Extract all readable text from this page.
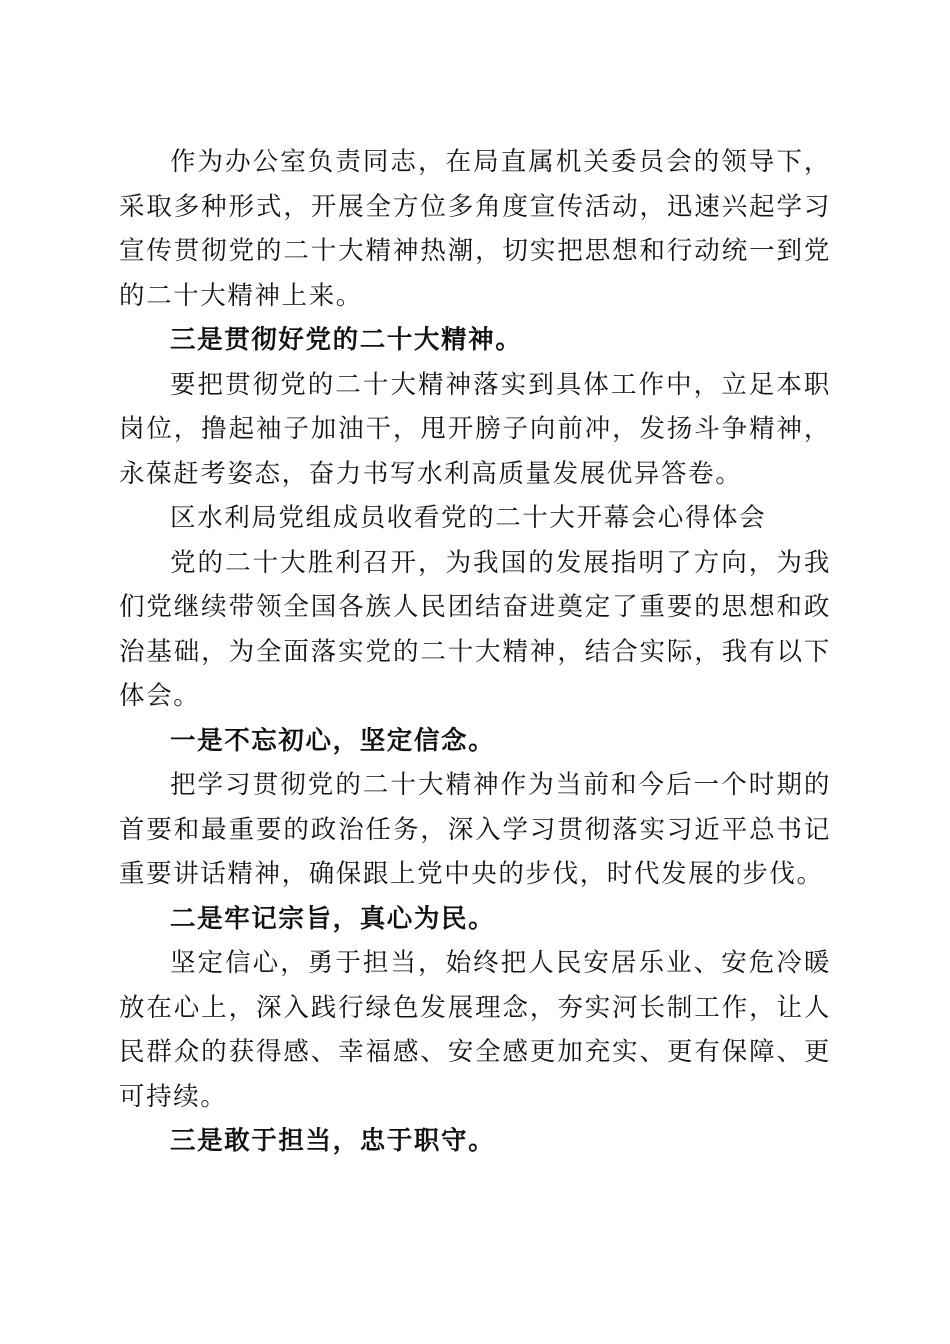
作为办公室负责同志，在局直属机关委员会的领导下，采取多种形式，开展全方位多角度宣传活动，迅速兴起学习宣传贯彻党的二十大精神热潮，切实把思想和行动统一到党的二十大精神上来。

三是贯彻好党的二十大精神。

要把贯彻党的二十大精神落实到具体工作中，立足本职岗位，撸起袖子加油干，甩开膀子向前冲，发扬斗争精神，永葆赶考姿态，奋力书写水利高质量发展优异答卷。

区水利局党组成员收看党的二十大开幕会心得体会

党的二十大胜利召开，为我国的发展指明了方向，为我们党继续带领全国各族人民团结奋进奠定了重要的思想和政治基础，为全面落实党的二十大精神，结合实际，我有以下体会。

一是不忘初心，坚定信念。

把学习贯彻党的二十大精神作为当前和今后一个时期的首要和最重要的政治任务，深入学习贯彻落实习近平总书记重要讲话精神，确保跟上党中央的步伐，时代发展的步伐。

二是牢记宗旨，真心为民。

坚定信心，勇于担当，始终把人民安居乐业、安危冷暖放在心上，深入践行绿色发展理念，夯实河长制工作，让人民群众的获得感、幸福感、安全感更加充实、更有保障、更可持续。

三是敢于担当，忠于职守。
